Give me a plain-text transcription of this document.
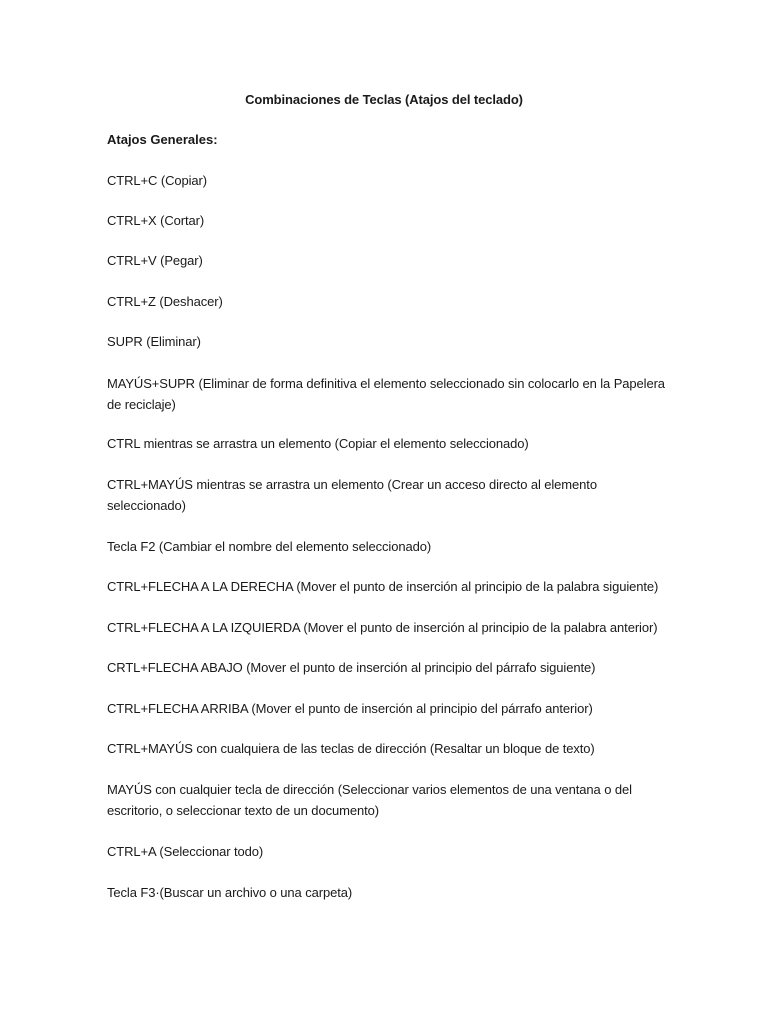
Combinaciones de Teclas (Atajos del teclado)
Atajos Generales:
CTRL+C (Copiar)
CTRL+X (Cortar)
CTRL+V (Pegar)
CTRL+Z (Deshacer)
SUPR (Eliminar)
MAYÚS+SUPR (Eliminar de forma definitiva el elemento seleccionado sin colocarlo en la Papelera de reciclaje)
CTRL mientras se arrastra un elemento (Copiar el elemento seleccionado)
CTRL+MAYÚS mientras se arrastra un elemento (Crear un acceso directo al elemento seleccionado)
Tecla F2 (Cambiar el nombre del elemento seleccionado)
CTRL+FLECHA A LA DERECHA (Mover el punto de inserción al principio de la palabra siguiente)
CTRL+FLECHA A LA IZQUIERDA (Mover el punto de inserción al principio de la palabra anterior)
CRTL+FLECHA ABAJO (Mover el punto de inserción al principio del párrafo siguiente)
CTRL+FLECHA ARRIBA (Mover el punto de inserción al principio del párrafo anterior)
CTRL+MAYÚS con cualquiera de las teclas de dirección (Resaltar un bloque de texto)
MAYÚS con cualquier tecla de dirección (Seleccionar varios elementos de una ventana o del escritorio, o seleccionar texto de un documento)
CTRL+A (Seleccionar todo)
Tecla F3·(Buscar un archivo o una carpeta)
